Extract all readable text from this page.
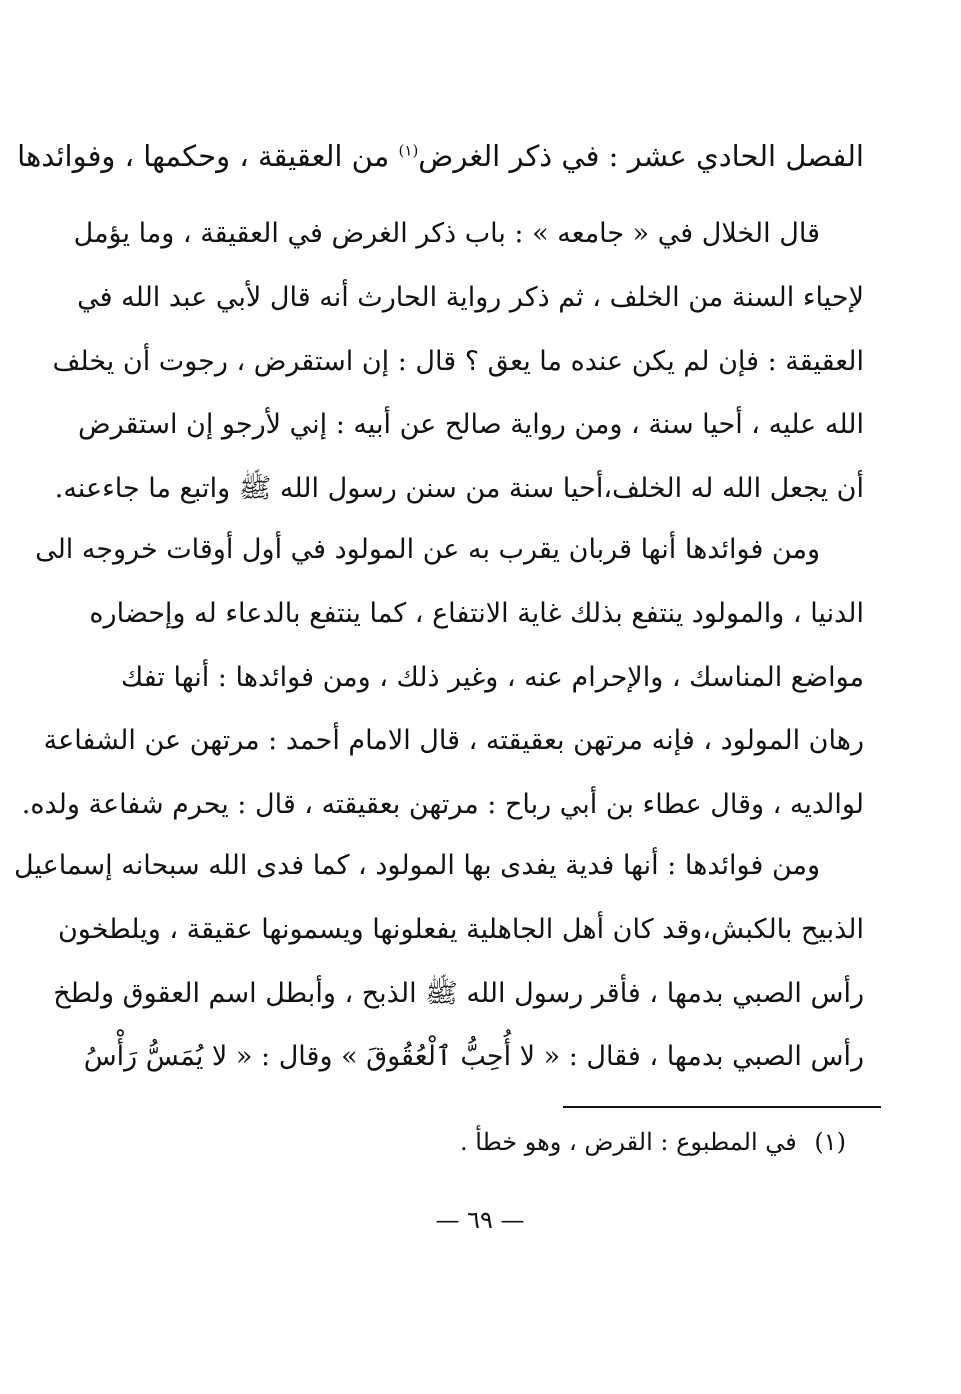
الفصل الحادي عشر : في ذكر الغرض$^{(١)}$ من العقيقة ، وحكمها ، وفوائدها
قال الخلال في « جامعه » : باب ذكر الغرض في العقيقة ، وما يؤمل
لإحياء السنة من الخلف ، ثم ذكر رواية الحارث أنه قال لأبي عبد الله في
العقيقة : فإن لم يكن عنده ما يعق ؟ قال : إن استقرض ، رجوت أن يخلف
الله عليه ، أحيا سنة ، ومن رواية صالح عن أبيه : إني لأرجو إن استقرض
أن يجعل الله له الخلف،أحيا سنة من سنن رسول الله ﷺ واتبع ما جاءعنه.
ومن فوائدها أنها قربان يقرب به عن المولود في أول أوقات خروجه الى
الدنيا ، والمولود ينتفع بذلك غاية الانتفاع ، كما ينتفع بالدعاء له وإحضاره
مواضع المناسك ، والإحرام عنه ، وغير ذلك ، ومن فوائدها : أنها تفك
رهان المولود ، فإنه مرتهن بعقيقته ، قال الامام أحمد : مرتهن عن الشفاعة
لوالديه ، وقال عطاء بن أبي رباح : مرتهن بعقيقته ، قال : يحرم شفاعة ولده.
ومن فوائدها : أنها فدية يفدى بها المولود ، كما فدى الله سبحانه إسماعيل
الذبيح بالكبش،وقد كان أهل الجاهلية يفعلونها ويسمونها عقيقة ، ويلطخون
رأس الصبي بدمها ، فأقر رسول الله ﷺ الذبح ، وأبطل اسم العقوق ولطخ
رأس الصبي بدمها ، فقال : « لا أُحِبُّ ٱلْعُقُوقَ » وقال : « لا يُمَسُّ رَأْسُ
(١) في المطبوع : القرض ، وهو خطأ .
— ٦٩ —
